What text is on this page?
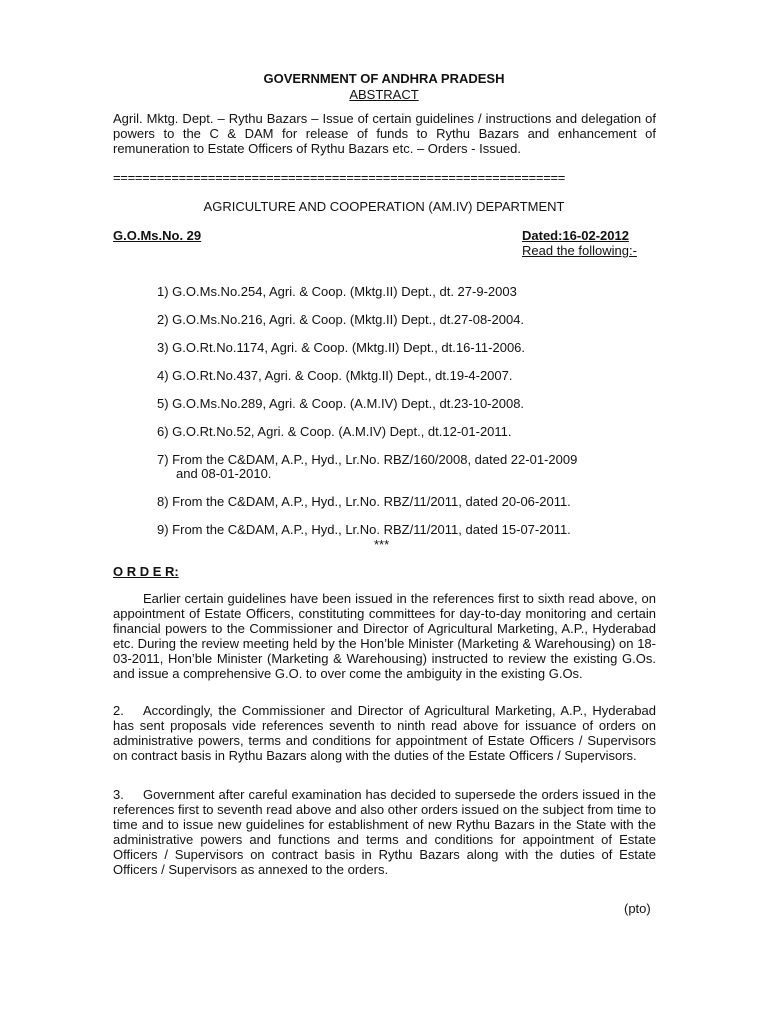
GOVERNMENT OF ANDHRA PRADESH
ABSTRACT
Agril. Mktg. Dept. – Rythu Bazars – Issue of certain guidelines / instructions and delegation of powers to the C & DAM for release of funds to Rythu Bazars and enhancement of remuneration to Estate Officers of Rythu Bazars etc. – Orders - Issued.
==============================================================
AGRICULTURE AND COOPERATION (AM.IV) DEPARTMENT
G.O.Ms.No. 29	Dated:16-02-2012
Read the following:-
1) G.O.Ms.No.254, Agri. & Coop. (Mktg.II) Dept., dt. 27-9-2003
2) G.O.Ms.No.216, Agri. & Coop. (Mktg.II) Dept., dt.27-08-2004.
3) G.O.Rt.No.1174, Agri. & Coop. (Mktg.II) Dept., dt.16-11-2006.
4) G.O.Rt.No.437, Agri. & Coop. (Mktg.II) Dept., dt.19-4-2007.
5) G.O.Ms.No.289, Agri. & Coop. (A.M.IV) Dept., dt.23-10-2008.
6) G.O.Rt.No.52, Agri. & Coop. (A.M.IV) Dept., dt.12-01-2011.
7) From the C&DAM, A.P., Hyd., Lr.No. RBZ/160/2008, dated 22-01-2009
and 08-01-2010.
8) From the C&DAM, A.P., Hyd., Lr.No. RBZ/11/2011, dated 20-06-2011.
9) From the C&DAM, A.P., Hyd., Lr.No. RBZ/11/2011, dated 15-07-2011.
***
O R D E R:
Earlier certain guidelines have been issued in the references first to sixth read above, on appointment of Estate Officers, constituting committees for day-to-day monitoring and certain financial powers to the Commissioner and Director of Agricultural Marketing, A.P., Hyderabad etc. During the review meeting held by the Hon’ble Minister (Marketing & Warehousing) on 18-03-2011, Hon’ble Minister (Marketing & Warehousing) instructed to review the existing G.Os. and issue a comprehensive G.O. to over come the ambiguity in the existing G.Os.
2. Accordingly, the Commissioner and Director of Agricultural Marketing, A.P., Hyderabad has sent proposals vide references seventh to ninth read above for issuance of orders on administrative powers, terms and conditions for appointment of Estate Officers / Supervisors on contract basis in Rythu Bazars along with the duties of the Estate Officers / Supervisors.
3. Government after careful examination has decided to supersede the orders issued in the references first to seventh read above and also other orders issued on the subject from time to time and to issue new guidelines for establishment of new Rythu Bazars in the State with the administrative powers and functions and terms and conditions for appointment of Estate Officers / Supervisors on contract basis in Rythu Bazars along with the duties of Estate Officers / Supervisors as annexed to the orders.
(pto)
